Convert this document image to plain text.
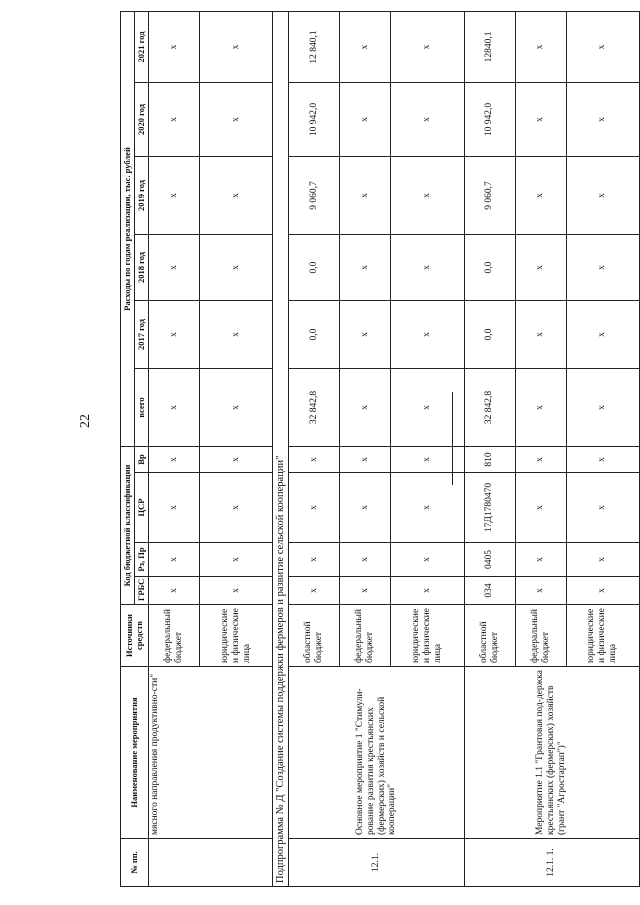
22
№ пп.	Наименование мероприятия	Источники средств	Код бюджетной классификации				Расходы по годам реализации, тыс. рублей					
			ГРБС	Рз, Пр	ЦСР	Вр	всего	2017 год	2018 год	2019 год	2020 год	2021 год
	мясного направления продуктивно-сти"	федеральный бюджет	х	х	х	х	х	х	х	х	х	х
		юридические и физические лица	х	х	х	х	х	х	х	х	х	х
Подпрограмма № Д "Создание системы поддержки фермеров и развитие сельской кооперации"												
12.1.	Основное мероприятие 1 "Стимули-рование развития крестьянских (фермерских) хозяйств и сельской кооперации"	областной бюджет	х	х	х	х	32 842,8	0,0	0,0	9 060,7	10 942,0	12 840,1
		федеральный бюджет	х	х	х	х	х	х	х	х	х	х
		юридические и физические лица	х	х	х	х	х	х	х	х	х	х
12.1. 1.	Мероприятие 1.1 "Грантовая под-держка крестьянских (фермерских) хозяйств (грант "Агростартап")"	областной бюджет	034	0405	17Д1780470	810	32 842,8	0,0	0,0	9 060,7	10 942,0	12840,1
		федеральный бюджет	х	х	х	х	х	х	х	х	х	х
		юридические и физические лица	х	х	х	х	х	х	х	х	х	х
